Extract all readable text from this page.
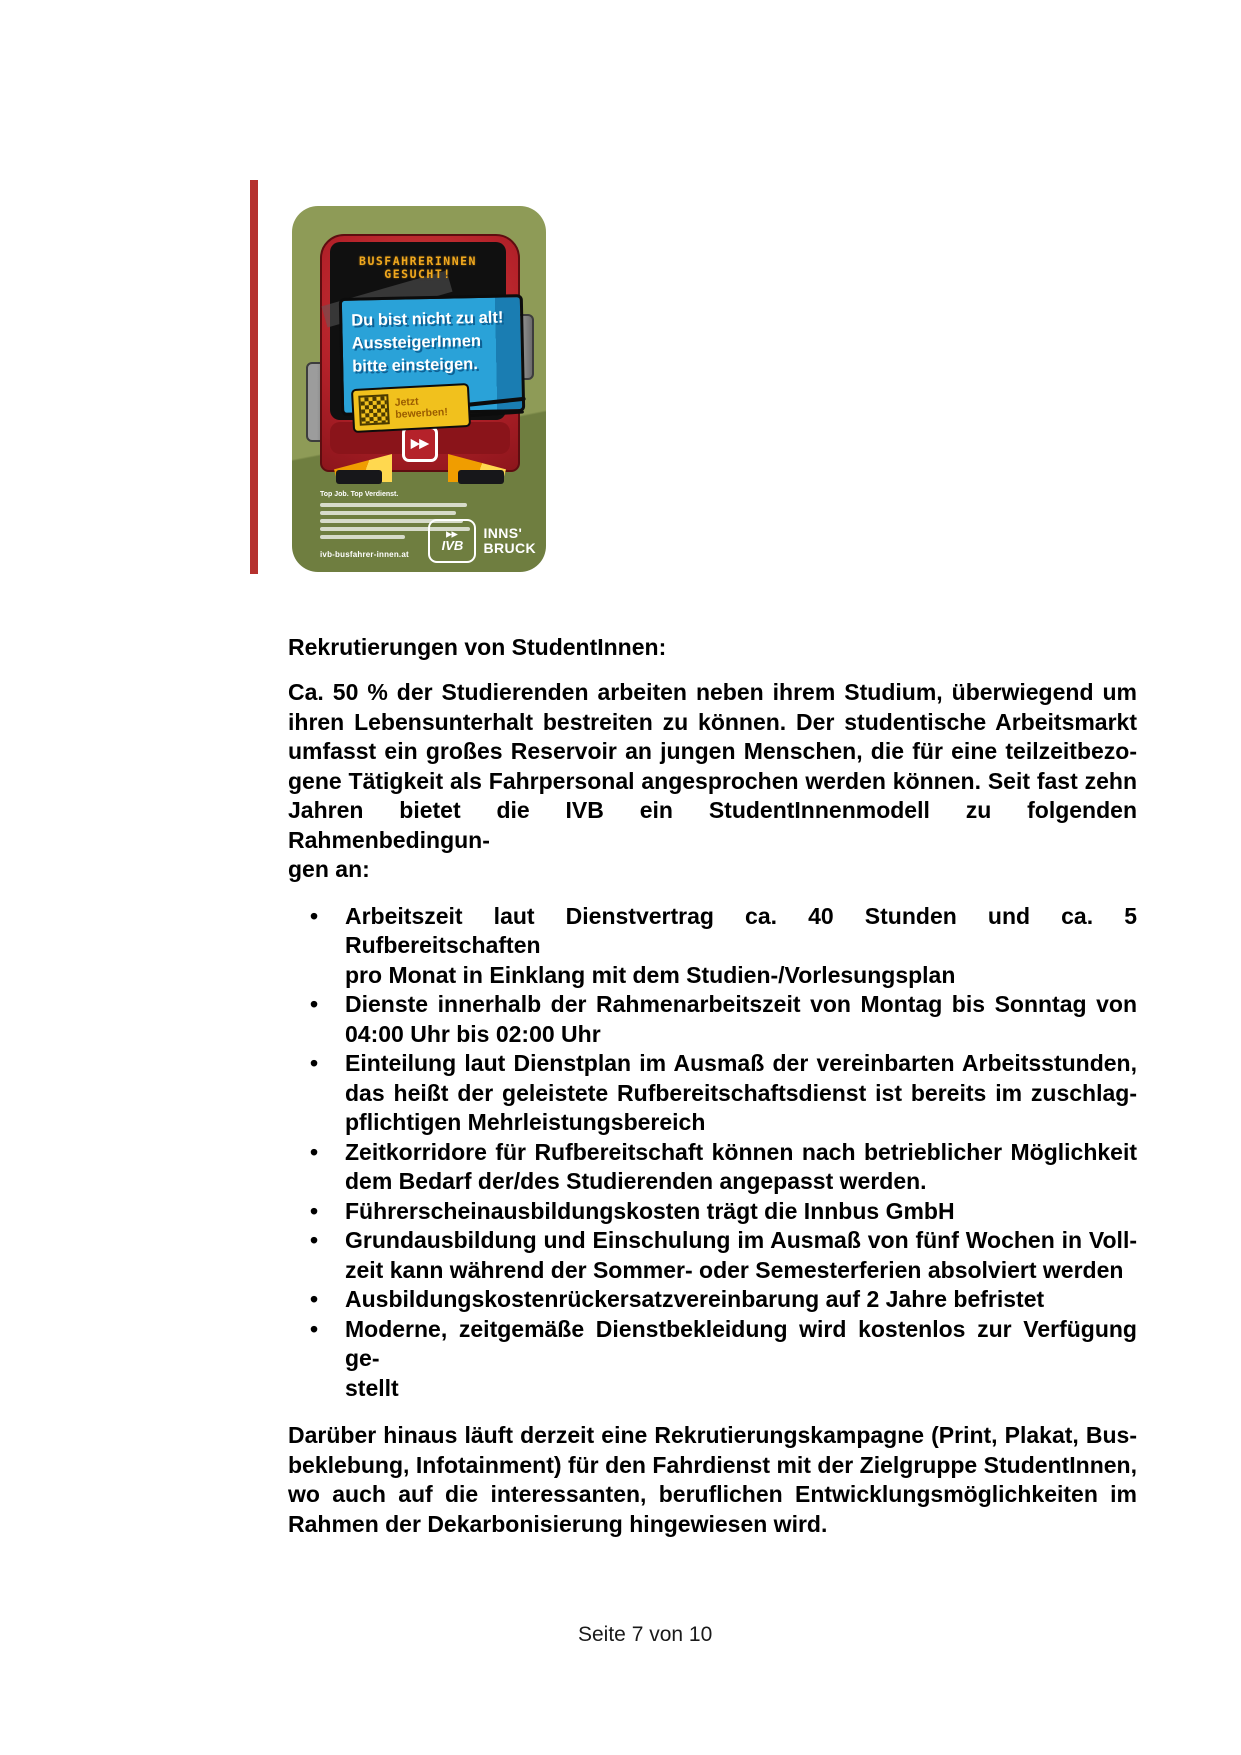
BUSFAHRERINNEN
GESUCHT!
Du bist nicht zu alt!
AussteigerInnen
bitte einsteigen.
Jetzt
bewerben!
Top Job. Top Verdienst.
ivb-busfahrer-innen.at
IVB
INNS'
BRUCK
Rekrutierungen von StudentInnen:
Ca. 50 % der Studierenden arbeiten neben ihrem Studium, überwiegend um
ihren Lebensunterhalt bestreiten zu können. Der studentische Arbeitsmarkt
umfasst ein großes Reservoir an jungen Menschen, die für eine teilzeitbezo-
gene Tätigkeit als Fahrpersonal angesprochen werden können. Seit fast zehn
Jahren bietet die IVB ein StudentInnenmodell zu folgenden Rahmenbedingun-
gen an:
• Arbeitszeit laut Dienstvertrag ca. 40 Stunden und ca. 5 Rufbereitschaften
pro Monat in Einklang mit dem Studien-/Vorlesungsplan
• Dienste innerhalb der Rahmenarbeitszeit von Montag bis Sonntag von
04:00 Uhr bis 02:00 Uhr
• Einteilung laut Dienstplan im Ausmaß der vereinbarten Arbeitsstunden,
das heißt der geleistete Rufbereitschaftsdienst ist bereits im zuschlag-
pflichtigen Mehrleistungsbereich
• Zeitkorridore für Rufbereitschaft können nach betrieblicher Möglichkeit
dem Bedarf der/des Studierenden angepasst werden.
• Führerscheinausbildungskosten trägt die Innbus GmbH
• Grundausbildung und Einschulung im Ausmaß von fünf Wochen in Voll-
zeit kann während der Sommer- oder Semesterferien absolviert werden
• Ausbildungskostenrückersatzvereinbarung auf 2 Jahre befristet
• Moderne, zeitgemäße Dienstbekleidung wird kostenlos zur Verfügung ge-
stellt
Darüber hinaus läuft derzeit eine Rekrutierungskampagne (Print, Plakat, Bus-
beklebung, Infotainment) für den Fahrdienst mit der Zielgruppe StudentInnen,
wo auch auf die interessanten, beruflichen Entwicklungsmöglichkeiten im
Rahmen der Dekarbonisierung hingewiesen wird.
Seite 7 von 10
